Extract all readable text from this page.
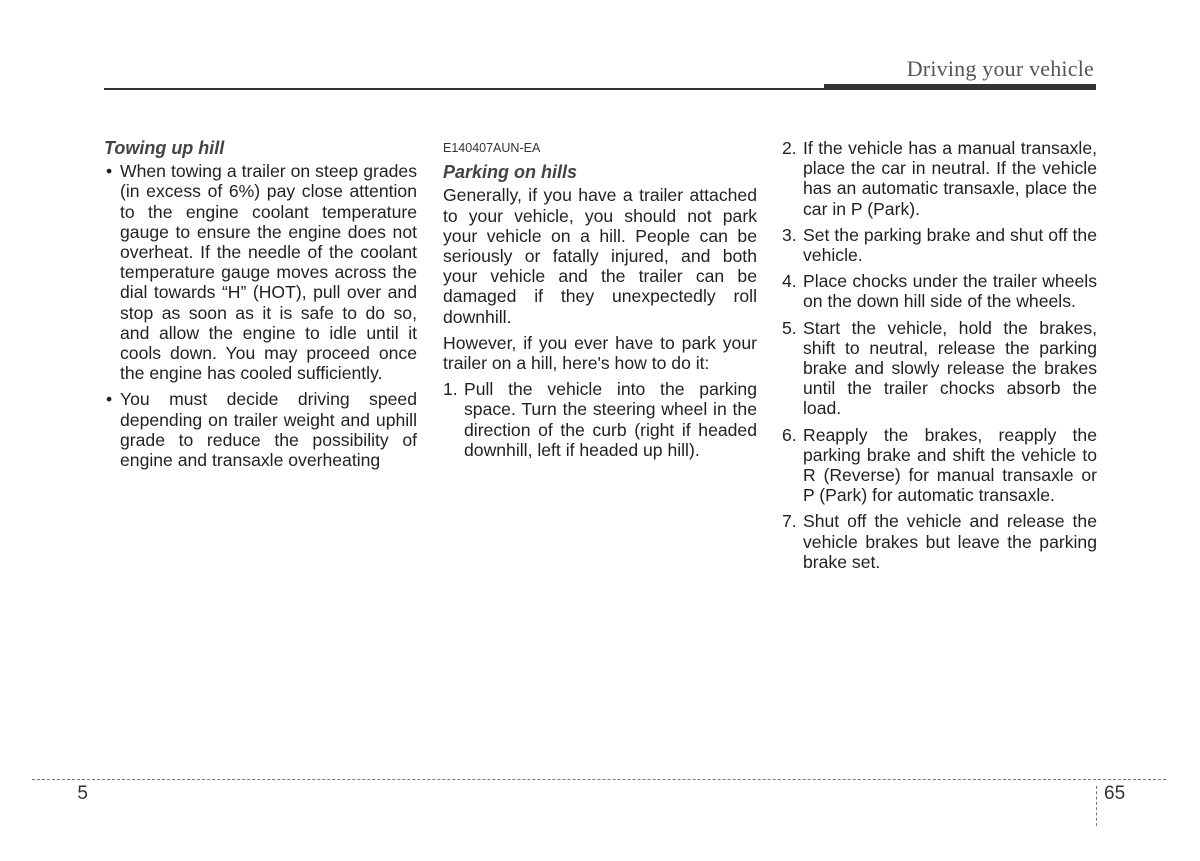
Driving your vehicle
Towing up hill
• When towing a trailer on steep grades (in excess of 6%) pay close attention to the engine coolant temperature gauge to ensure the engine does not overheat. If the needle of the coolant temperature gauge moves across the dial towards “H” (HOT), pull over and stop as soon as it is safe to do so, and allow the engine to idle until it cools down. You may proceed once the engine has cooled sufficiently.
• You must decide driving speed depending on trailer weight and uphill grade to reduce the possibility of engine and transaxle overheating
E140407AUN-EA
Parking on hills

Generally, if you have a trailer attached to your vehicle, you should not park your vehicle on a hill. People can be seriously or fatally injured, and both your vehicle and the trailer can be damaged if they unexpectedly roll downhill.

However, if you ever have to park your trailer on a hill, here's how to do it:

1. Pull the vehicle into the parking space. Turn the steering wheel in the direction of the curb (right if headed downhill, left if headed up hill).
2. If the vehicle has a manual transaxle, place the car in neutral. If the vehicle has an automatic transaxle, place the car in P (Park).
3. Set the parking brake and shut off the vehicle.
4. Place chocks under the trailer wheels on the down hill side of the wheels.
5. Start the vehicle, hold the brakes, shift to neutral, release the parking brake and slowly release the brakes until the trailer chocks absorb the load.
6. Reapply the brakes, reapply the parking brake and shift the vehicle to R (Reverse) for manual transaxle or P (Park) for automatic transaxle.
7. Shut off the vehicle and release the vehicle brakes but leave the parking brake set.
5	65
